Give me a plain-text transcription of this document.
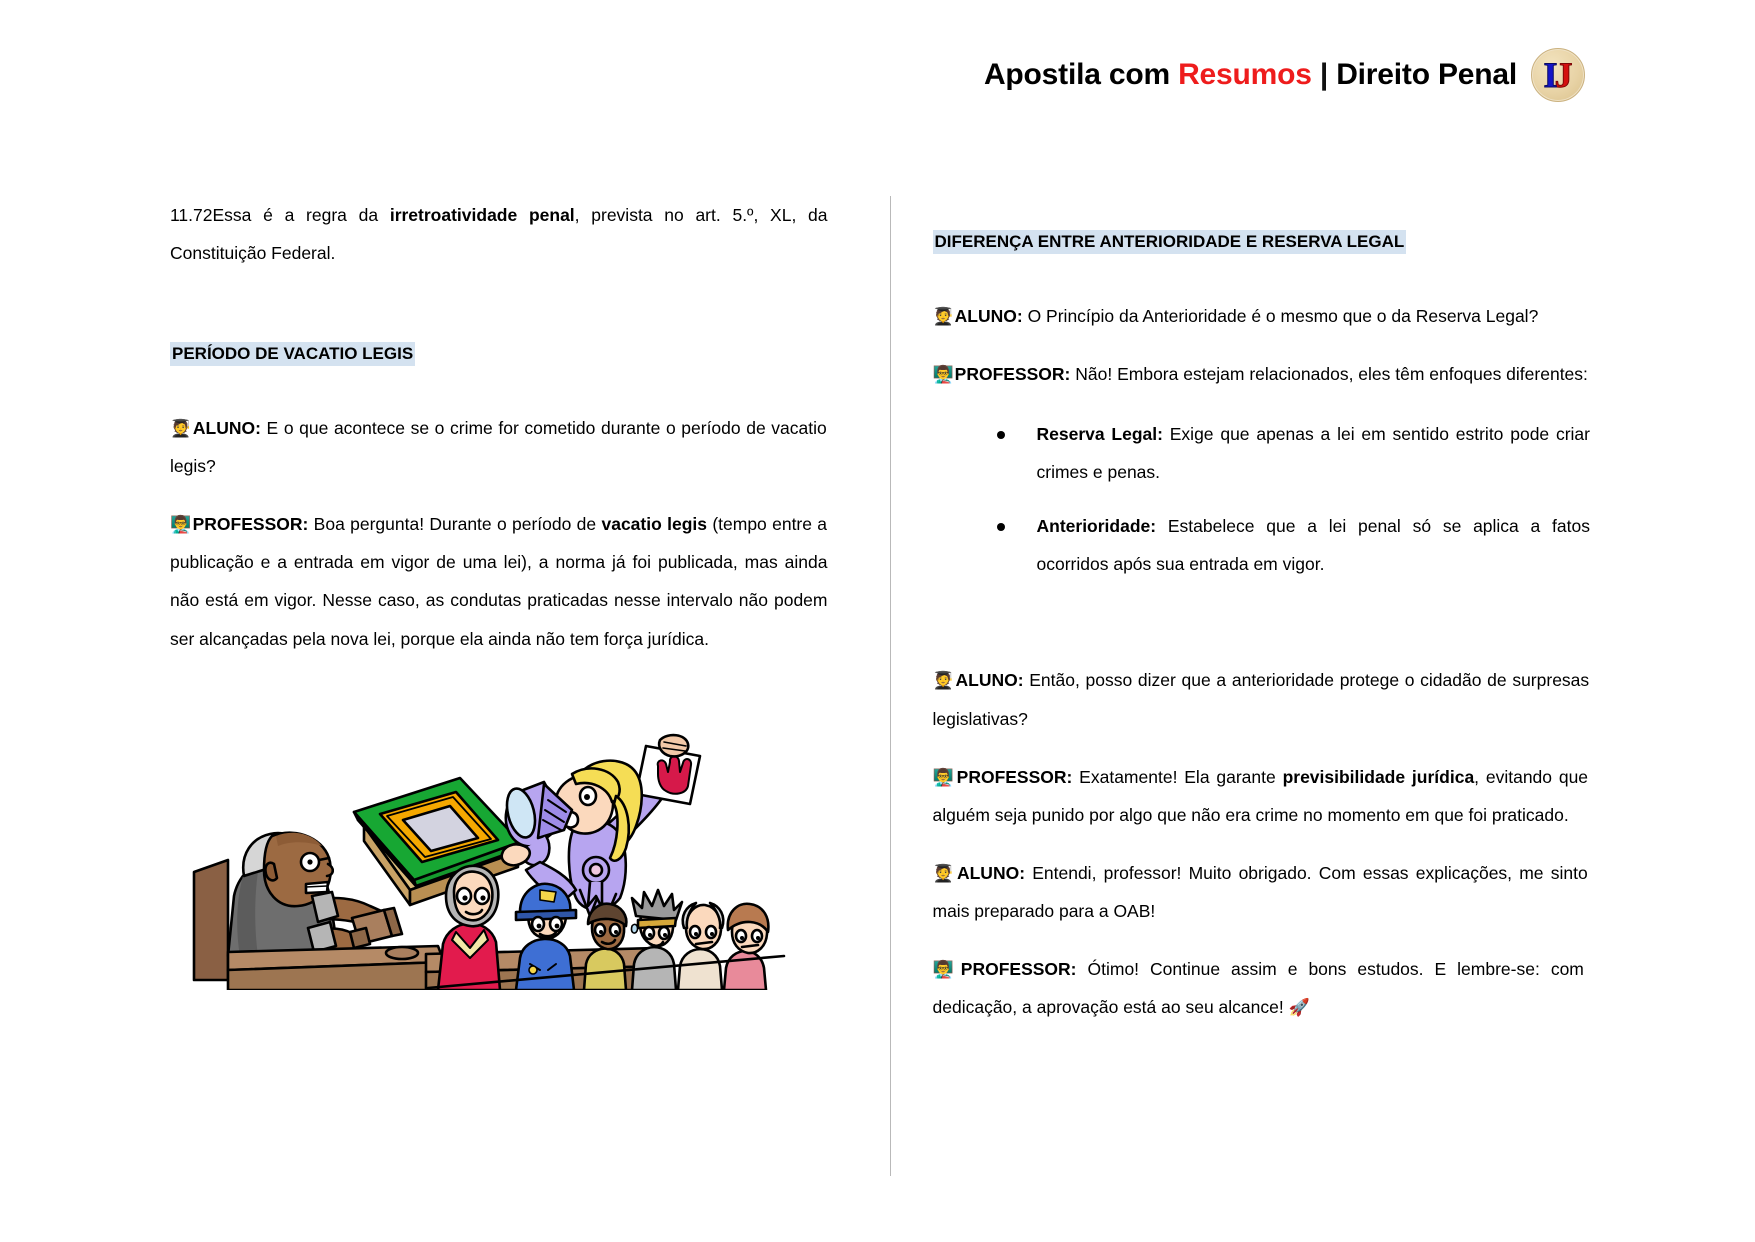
Apostila com Resumos | Direito Penal I
J

11.72Essa é a regra da irretroatividade penal, prevista no art. 5.º, XL, da Constituição Federal.

PERÍODO DE VACATIO LEGIS

🧑‍🎓ALUNO: E o que acontece se o crime for cometido durante o período de vacatio legis?

👨‍🏫PROFESSOR: Boa pergunta! Durante o período de vacatio legis (tempo entre a publicação e a entrada em vigor de uma lei), a norma já foi publicada, mas ainda não está em vigor. Nesse caso, as condutas praticadas nesse intervalo não podem ser alcançadas pela nova lei, porque ela ainda não tem força jurídica.

DIFERENÇA ENTRE ANTERIORIDADE E RESERVA LEGAL

🧑‍🎓ALUNO: O Princípio da Anterioridade é o mesmo que o da Reserva Legal?

👨‍🏫PROFESSOR: Não! Embora estejam relacionados, eles têm enfoques diferentes:

Reserva Legal: Exige que apenas a lei em sentido estrito pode criar crimes e penas.
Anterioridade: Estabelece que a lei penal só se aplica a fatos ocorridos após sua entrada em vigor.

🧑‍🎓ALUNO: Então, posso dizer que a anterioridade protege o cidadão de surpresas legislativas?

👨‍🏫PROFESSOR: Exatamente! Ela garante previsibilidade jurídica, evitando que alguém seja punido por algo que não era crime no momento em que foi praticado.

🧑‍🎓ALUNO: Entendi, professor! Muito obrigado. Com essas explicações, me sinto mais preparado para a OAB!

👨‍🏫PROFESSOR: Ótimo! Continue assim e bons estudos. E lembre-se: com dedicação, a aprovação está ao seu alcance! 🚀
